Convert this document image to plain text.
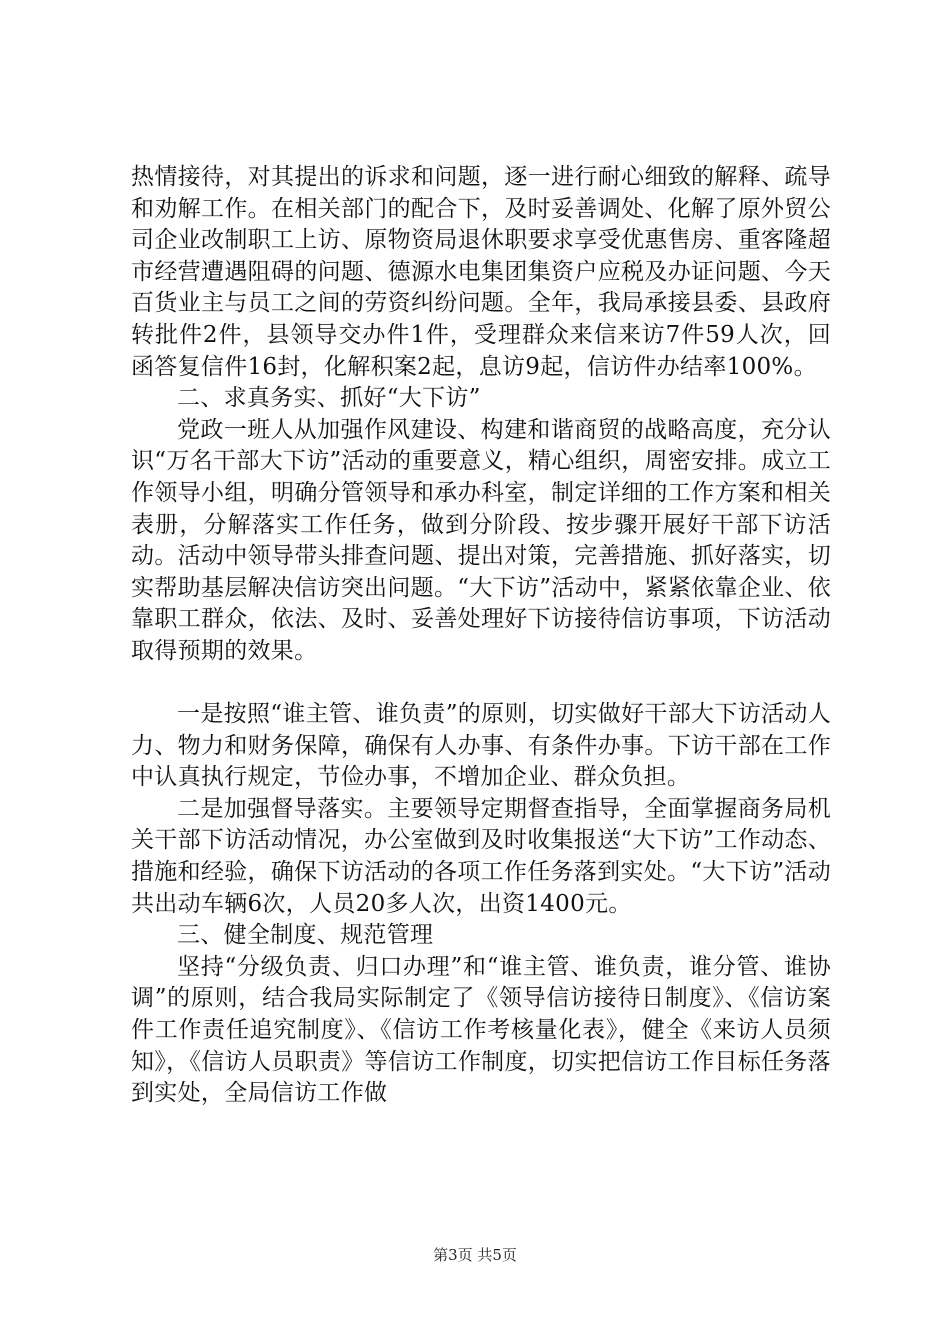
热情接待，对其提出的诉求和问题，逐一进行耐心细致的解释、疏导和劝解工作。在相关部门的配合下，及时妥善调处、化解了原外贸公司企业改制职工上访、原物资局退休职要求享受优惠售房、重客隆超市经营遭遇阻碍的问题、德源水电集团集资户应税及办证问题、今天百货业主与员工之间的劳资纠纷问题。全年，我局承接县委、县政府转批件2件，县领导交办件1件，受理群众来信来访7件59人次，回函答复信件16封，化解积案2起，息访9起，信访件办结率100%。

二、求真务实、抓好“大下访”

党政一班人从加强作风建设、构建和谐商贸的战略高度，充分认识“万名干部大下访”活动的重要意义，精心组织，周密安排。成立工作领导小组，明确分管领导和承办科室，制定详细的工作方案和相关表册，分解落实工作任务，做到分阶段、按步骤开展好干部下访活动。活动中领导带头排查问题、提出对策，完善措施、抓好落实，切实帮助基层解决信访突出问题。“大下访”活动中，紧紧依靠企业、依靠职工群众，依法、及时、妥善处理好下访接待信访事项，下访活动取得预期的效果。

一是按照“谁主管、谁负责”的原则，切实做好干部大下访活动人力、物力和财务保障，确保有人办事、有条件办事。下访干部在工作中认真执行规定，节俭办事，不增加企业、群众负担。

二是加强督导落实。主要领导定期督查指导，全面掌握商务局机关干部下访活动情况，办公室做到及时收集报送“大下访”工作动态、措施和经验，确保下访活动的各项工作任务落到实处。“大下访”活动共出动车辆6次，人员20多人次，出资1400元。

三、健全制度、规范管理

坚持“分级负责、归口办理”和“谁主管、谁负责，谁分管、谁协调”的原则，结合我局实际制定了《领导信访接待日制度》、《信访案件工作责任追究制度》、《信访工作考核量化表》，健全《来访人员须知》，《信访人员职责》等信访工作制度，切实把信访工作目标任务落到实处，全局信访工作做

第3页 共5页
